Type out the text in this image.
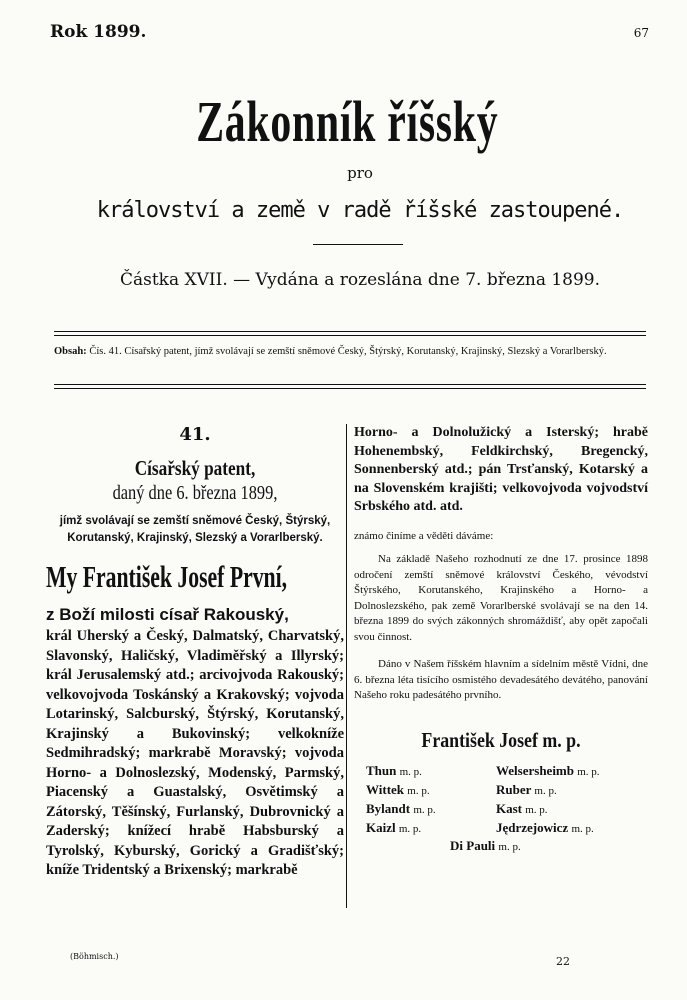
Rok 1899.	67
Zákonník říšský
pro
království a země v radě říšské zastoupené.
Částka XVII. — Vydána a rozeslána dne 7. března 1899.
Obsah: Čís. 41. Císařský patent, jímž svolávají se zemští sněmové Český, Štýrský, Korutanský, Krajinský, Slezský a Vorarlberský.
41.
Císařský patent,
daný dne 6. března 1899,
jímž svolávají se zemští sněmové Český, Štýrský, Korutanský, Krajinský, Slezský a Vorarlberský.
My František Josef První,
z Boží milosti císař Rakouský,
král Uherský a Český, Dalmatský, Charvatský, Slavonský, Haličský, Vladiměřský a Illyrský; král Jerusalemský atd.; arcivojvoda Rakouský; velkovojvoda Toskánský a Krakovský; vojvoda Lotarinský, Salcburský, Štýrský, Korutanský, Krajinský a Bukovinský; velkokníže Sedmihradský; markrabě Moravský; vojvoda Horno- a Dolnoslezský, Modenský, Parmský, Piacenský a Guastalský, Osvětimský a Zátorský, Těšínský, Furlanský, Dubrovnický a Zaderský; knížecí hrabě Habsburský a Tyrolský, Kyburský, Gorický a Gradišťský; kníže Tridentský a Brixenský; markrabě
Horno- a Dolnolužický a Isterský; hrabě Hohenembský, Feldkirchský, Bregencký, Sonnenberský atd.; pán Trsťanský, Kotarský a na Slovenském krajišti; velkovojvoda vojvodství Srbského atd. atd.
známo činíme a věděti dáváme:
Na základě Našeho rozhodnutí ze dne 17. prosince 1898 odročení zemští sněmové království Českého, vévodství Štýrského, Korutanského, Krajinského a Horno- a Dolnoslezského, pak země Vorarlberské svolávají se na den 14. března 1899 do svých zákonných shromáždišť, aby opět započali svou činnost.
Dáno v Našem říšském hlavním a sídelním městě Vídni, dne 6. března léta tisícího osmistého devadesátého devátého, panování Našeho roku padesátého prvního.
František Josef m. p.
Thun m. p.
Wittek m. p.
Bylandt m. p.
Kaizl m. p.
Welsersheimb m. p.
Ruber m. p.
Kast m. p.
Jędrzejowicz m. p.
Di Pauli m. p.
(Böhmisch.)	22
